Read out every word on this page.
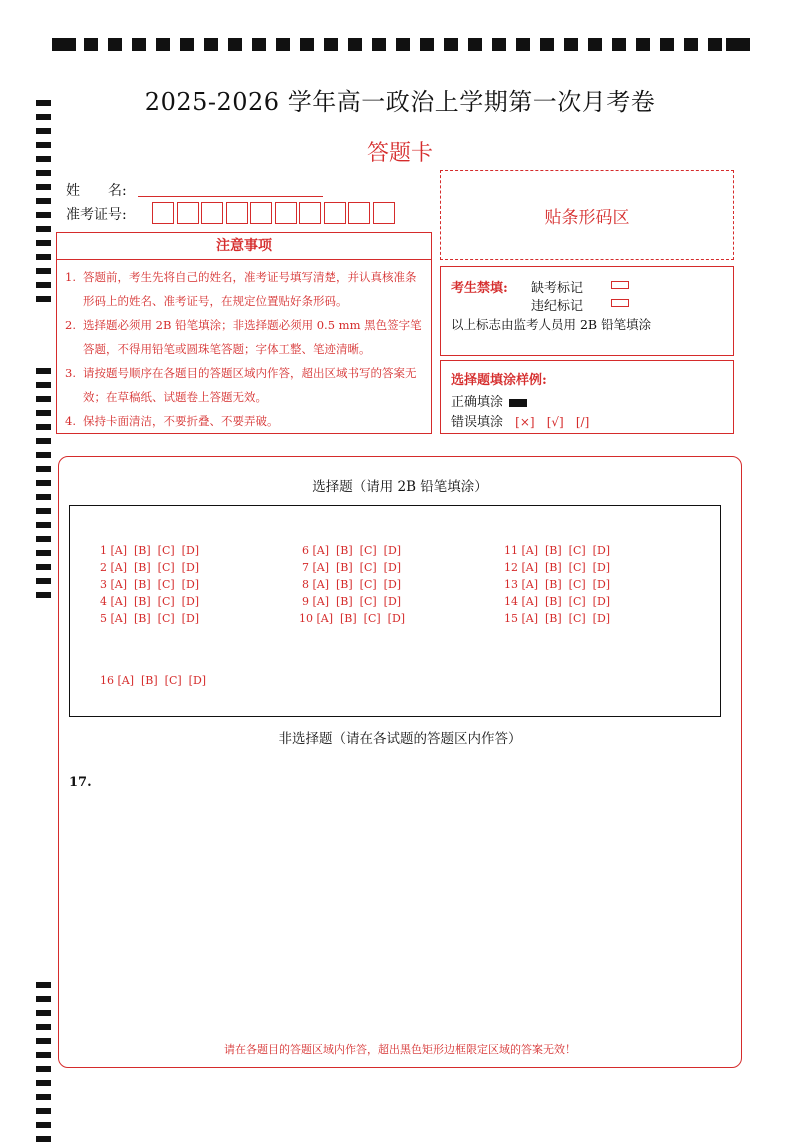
2025-2026 学年高一政治上学期第一次月考卷
答题卡
姓　　名:
准考证号:
注意事项
1. 答题前，考生先将自己的姓名，准考证号填写清楚，并认真核准条形码上的姓名、准考证号，在规定位置贴好条形码。
2. 选择题必须用 2B 铅笔填涂；非选择题必须用 0.5 mm 黑色签字笔答题，不得用铅笔或圆珠笔答题；字体工整、笔迹清晰。
3. 请按题号顺序在各题目的答题区域内作答，超出区域书写的答案无效；在草稿纸、试题卷上答题无效。
4. 保持卡面清洁，不要折叠、不要弄破。
贴条形码区
考生禁填: 缺考标记
违纪标记
以上标志由监考人员用 2B 铅笔填涂
选择题填涂样例:
正确填涂
错误填涂 [×] [√] [/]
选择题（请用 2B 铅笔填涂）
1 [A]  [B]  [C]  [D]
2 [A]  [B]  [C]  [D]
3 [A]  [B]  [C]  [D]
4 [A]  [B]  [C]  [D]
5 [A]  [B]  [C]  [D]
6 [A]  [B]  [C]  [D]
7 [A]  [B]  [C]  [D]
8 [A]  [B]  [C]  [D]
9 [A]  [B]  [C]  [D]
10 [A]  [B]  [C]  [D]
11 [A]  [B]  [C]  [D]
12 [A]  [B]  [C]  [D]
13 [A]  [B]  [C]  [D]
14 [A]  [B]  [C]  [D]
15 [A]  [B]  [C]  [D]
16 [A]  [B]  [C]  [D]
非选择题（请在各试题的答题区内作答）
17.
请在各题目的答题区域内作答，超出黑色矩形边框限定区域的答案无效！
